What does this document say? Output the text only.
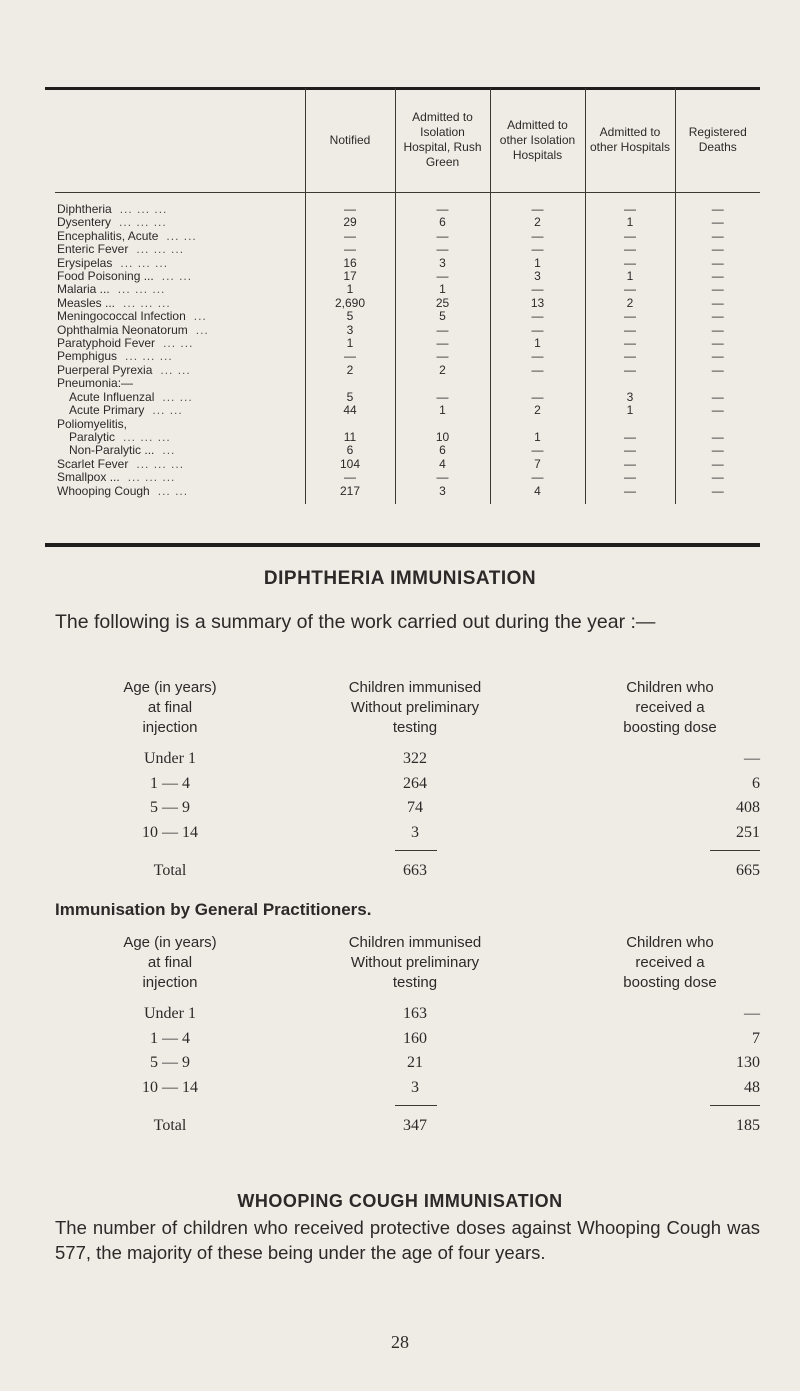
	Notified	Admitted to Isolation Hospital, Rush Green	Admitted to other Isolation Hospitals	Admitted to other Hospitals	Registered Deaths
Diphtheria ... ... ...	—	—	—	—	—
Dysentery ... ... ...	29	6	2	1	—
Encephalitis, Acute ... ...	—	—	—	—	—
Enteric Fever ... ... ...	—	—	—	—	—
Erysipelas ... ... ...	16	3	1	—	—
Food Poisoning ... ... ...	17	—	3	1	—
Malaria ... ... ... ...	1	1	—	—	—
Measles ... ... ... ...	2,690	25	13	2	—
Meningococcal Infection ...	5	5	—	—	—
Ophthalmia Neonatorum ...	3	—	—	—	—
Paratyphoid Fever ... ...	1	—	1	—	—
Pemphigus ... ... ...	—	—	—	—	—
Puerperal Pyrexia ... ...	2	2	—	—	—
Pneumonia:—					
Acute Influenzal ... ...	5	—	—	3	—
Acute Primary ... ...	44	1	2	1	—
Poliomyelitis,					
Paralytic ... ... ...	11	10	1	—	—
Non-Paralytic ... ...	6	6	—	—	—
Scarlet Fever ... ... ...	104	4	7	—	—
Smallpox ... ... ... ...	—	—	—	—	—
Whooping Cough ... ...	217	3	4	—	—
DIPHTHERIA IMMUNISATION
The following is a summary of the work carried out during the year :—
Age (in years)
at final
injection
Children immunised
Without preliminary
testing
Children who
received a
boosting dose
Under 1	322	—
1 — 4	264	6
5 — 9	74	408
10 — 14	3	251
Total	663	665
Immunisation by General Practitioners.
Age (in years)
at final
injection
Children immunised
Without preliminary
testing
Children who
received a
boosting dose
Under 1	163	—
1 — 4	160	7
5 — 9	21	130
10 — 14	3	48
Total	347	185
WHOOPING COUGH IMMUNISATION
The number of children who received protective doses against Whooping Cough was 577, the majority of these being under the age of four years.
28
